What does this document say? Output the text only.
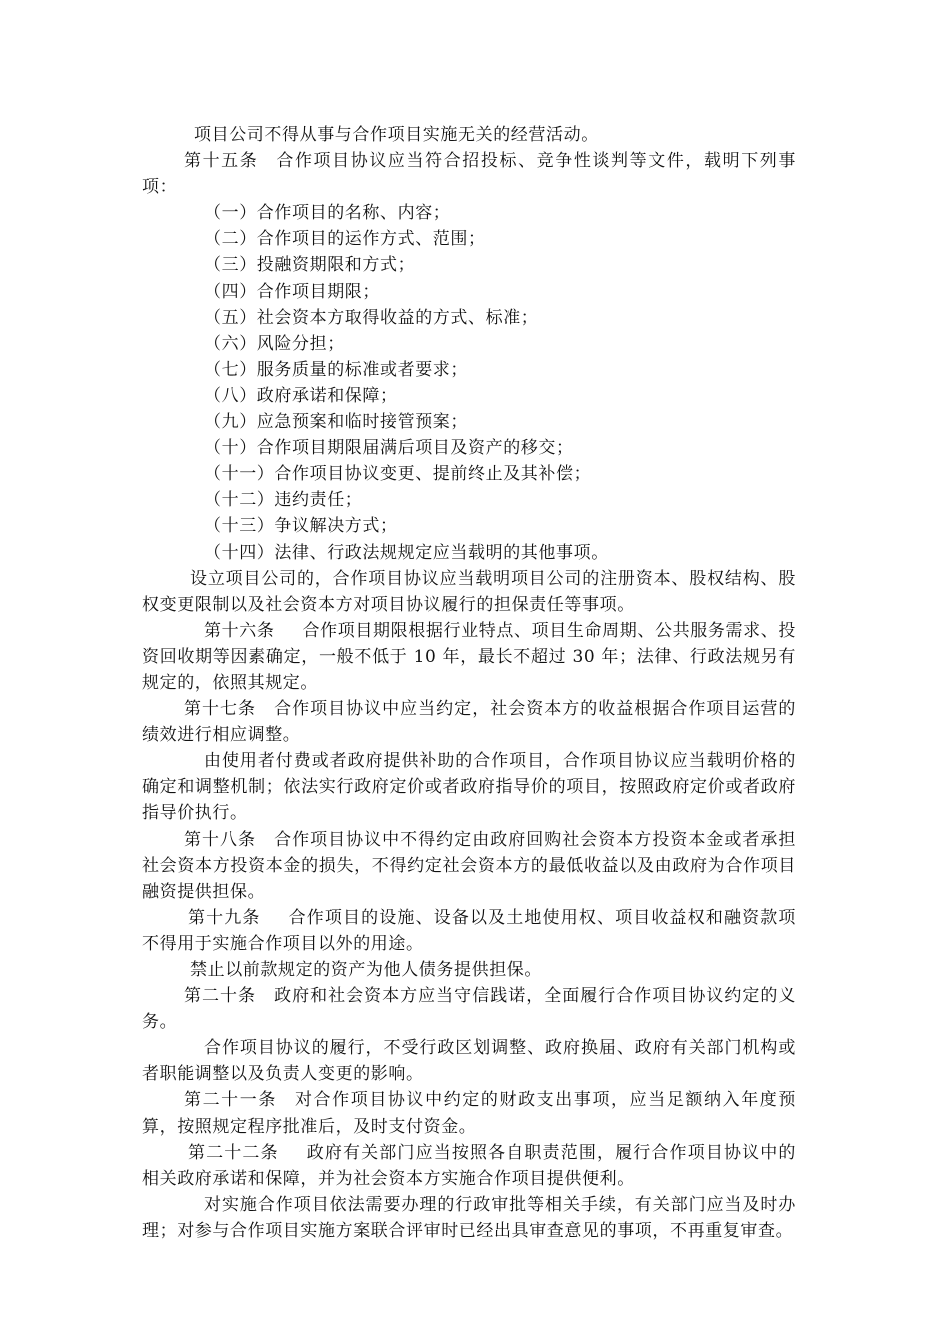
项目公司不得从事与合作项目实施无关的经营活动。

第十五条 合作项目协议应当符合招投标、竞争性谈判等文件，载明下列事项：

（一）合作项目的名称、内容；

（二）合作项目的运作方式、范围；

（三）投融资期限和方式；

（四）合作项目期限；

（五）社会资本方取得收益的方式、标准；

（六）风险分担；

（七）服务质量的标准或者要求；

（八）政府承诺和保障；

（九）应急预案和临时接管预案；

（十）合作项目期限届满后项目及资产的移交；

（十一）合作项目协议变更、提前终止及其补偿；

（十二）违约责任；

（十三）争议解决方式；

（十四）法律、行政法规规定应当载明的其他事项。

设立项目公司的，合作项目协议应当载明项目公司的注册资本、股权结构、股权变更限制以及社会资本方对项目协议履行的担保责任等事项。

第十六条 合作项目期限根据行业特点、项目生命周期、公共服务需求、投资回收期等因素确定，一般不低于 10 年，最长不超过 30 年；法律、行政法规另有规定的，依照其规定。

第十七条 合作项目协议中应当约定，社会资本方的收益根据合作项目运营的绩效进行相应调整。

由使用者付费或者政府提供补助的合作项目，合作项目协议应当载明价格的确定和调整机制；依法实行政府定价或者政府指导价的项目，按照政府定价或者政府指导价执行。

第十八条 合作项目协议中不得约定由政府回购社会资本方投资本金或者承担社会资本方投资本金的损失，不得约定社会资本方的最低收益以及由政府为合作项目融资提供担保。

第十九条 合作项目的设施、设备以及土地使用权、项目收益权和融资款项不得用于实施合作项目以外的用途。

禁止以前款规定的资产为他人债务提供担保。

第二十条 政府和社会资本方应当守信践诺，全面履行合作项目协议约定的义务。

合作项目协议的履行，不受行政区划调整、政府换届、政府有关部门机构或者职能调整以及负责人变更的影响。

第二十一条 对合作项目协议中约定的财政支出事项，应当足额纳入年度预算，按照规定程序批准后，及时支付资金。

第二十二条 政府有关部门应当按照各自职责范围，履行合作项目协议中的相关政府承诺和保障，并为社会资本方实施合作项目提供便利。

对实施合作项目依法需要办理的行政审批等相关手续，有关部门应当及时办理；对参与合作项目实施方案联合评审时已经出具审查意见的事项，不再重复审查。
